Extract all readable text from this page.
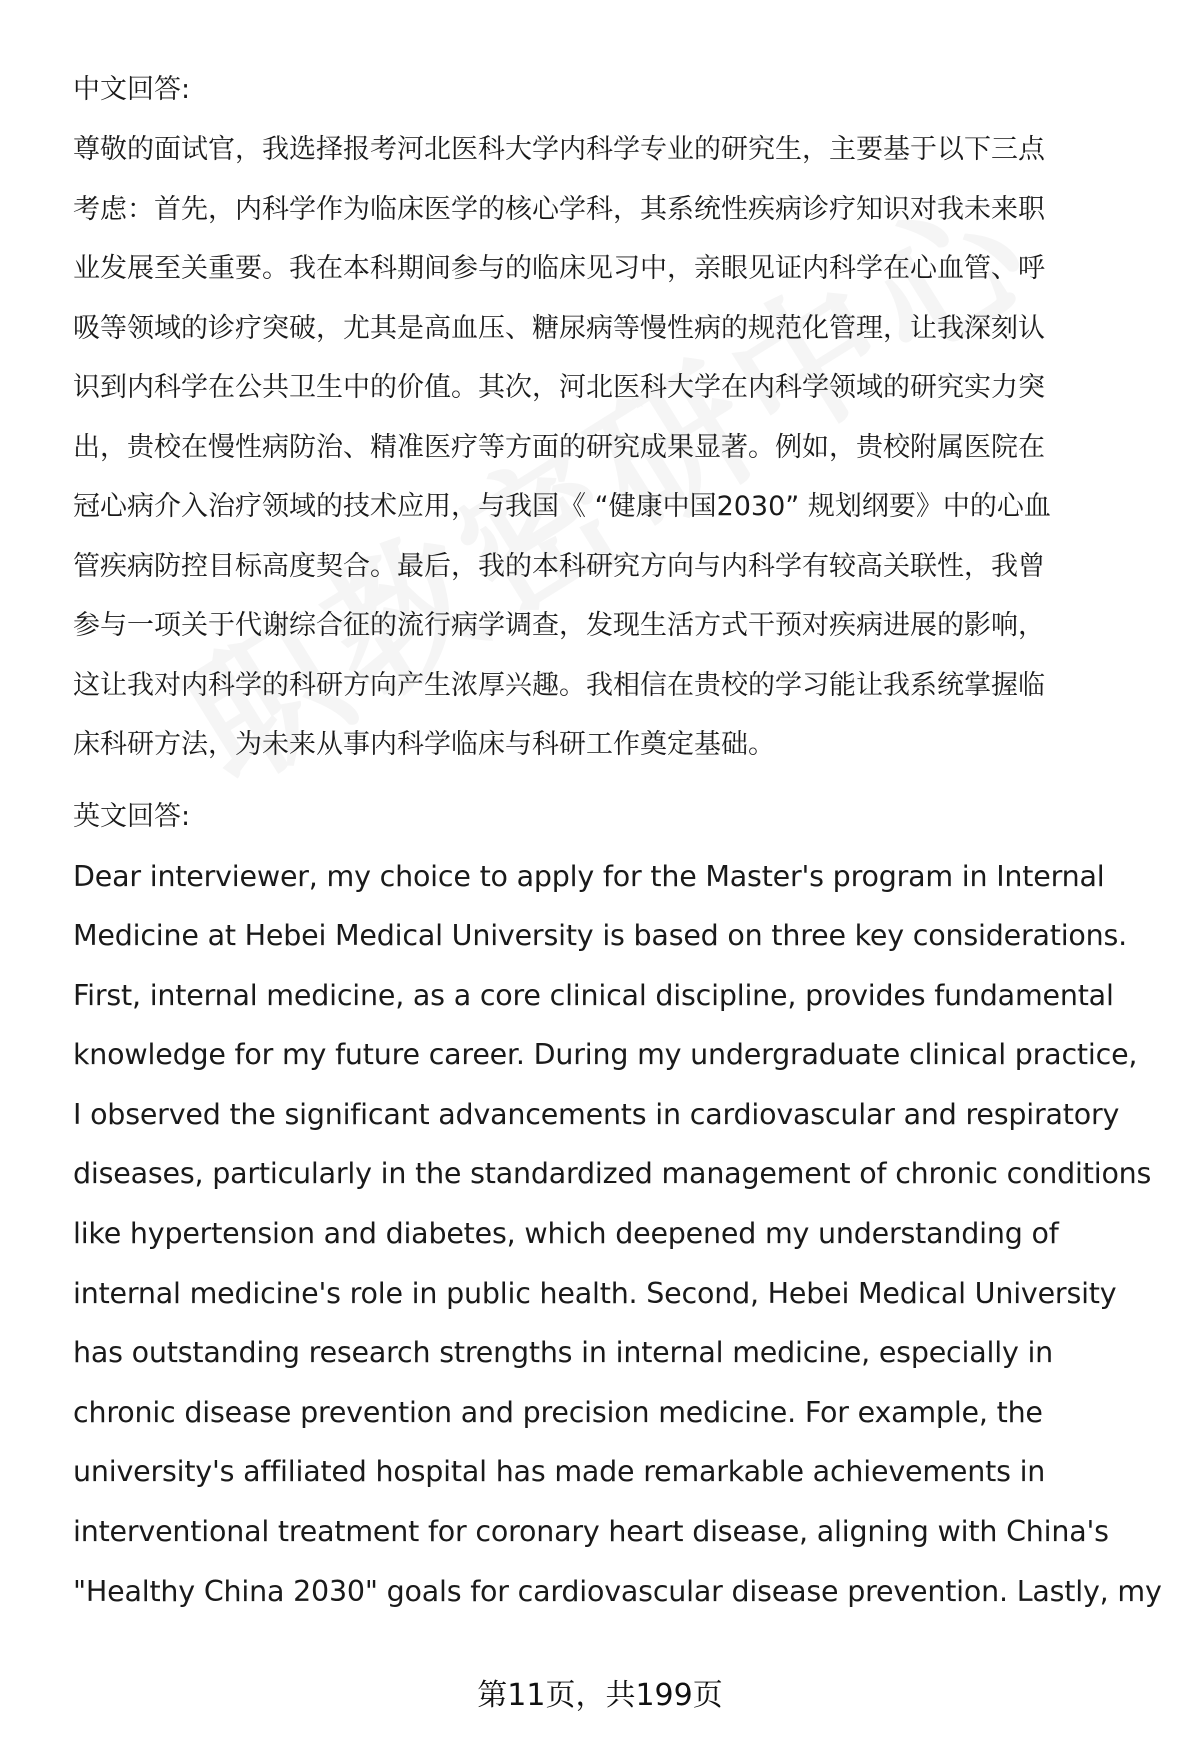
中文回答:
尊敬的面试官，我选择报考河北医科大学内科学专业的研究生，主要基于以下三点
考虑：首先，内科学作为临床医学的核心学科，其系统性疾病诊疗知识对我未来职
业发展至关重要。我在本科期间参与的临床见习中，亲眼见证内科学在心血管、呼
吸等领域的诊疗突破，尤其是高血压、糖尿病等慢性病的规范化管理，让我深刻认
识到内科学在公共卫生中的价值。其次，河北医科大学在内科学领域的研究实力突
出，贵校在慢性病防治、精准医疗等方面的研究成果显著。例如，贵校附属医院在
冠心病介入治疗领域的技术应用，与我国《 “健康中国2030” 规划纲要》中的心血
管疾病防控目标高度契合。最后，我的本科研究方向与内科学有较高关联性，我曾
参与一项关于代谢综合征的流行病学调查，发现生活方式干预对疾病进展的影响，
这让我对内科学的科研方向产生浓厚兴趣。我相信在贵校的学习能让我系统掌握临
床科研方法，为未来从事内科学临床与科研工作奠定基础。
英文回答:
Dear interviewer, my choice to apply for the Master's program in Internal
Medicine at Hebei Medical University is based on three key considerations.
First, internal medicine, as a core clinical discipline, provides fundamental
knowledge for my future career. During my undergraduate clinical practice,
I observed the significant advancements in cardiovascular and respiratory
diseases, particularly in the standardized management of chronic conditions
like hypertension and diabetes, which deepened my understanding of
internal medicine's role in public health. Second, Hebei Medical University
has outstanding research strengths in internal medicine, especially in
chronic disease prevention and precision medicine. For example, the
university's affiliated hospital has made remarkable achievements in
interventional treatment for coronary heart disease, aligning with China's
"Healthy China 2030" goals for cardiovascular disease prevention. Lastly, my
第11页，共199页
